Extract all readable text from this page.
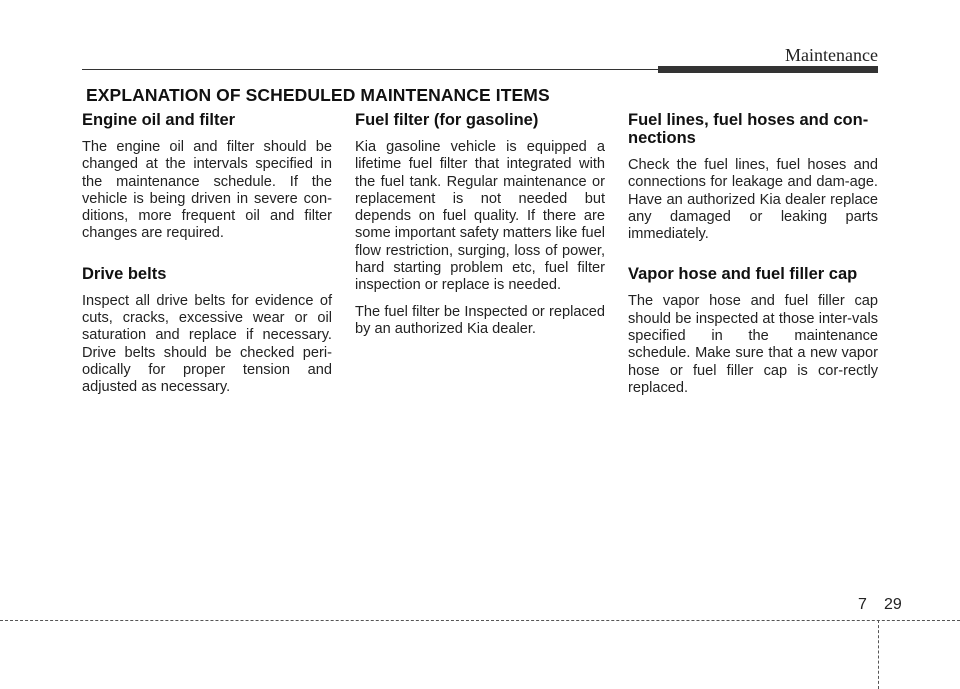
Maintenance
EXPLANATION OF SCHEDULED MAINTENANCE ITEMS
Engine oil and filter

The engine oil and filter should be changed at the intervals specified in the maintenance schedule. If the vehicle is being driven in severe con-ditions, more frequent oil and filter changes are required.

Drive belts

Inspect all drive belts for evidence of cuts, cracks, excessive wear or oil saturation and replace if necessary. Drive belts should be checked peri-odically for proper tension and adjusted as necessary.

Fuel filter (for gasoline)

Kia gasoline vehicle is equipped a lifetime fuel filter that integrated with the fuel tank. Regular maintenance or replacement is not needed but depends on fuel quality. If there are some important safety matters like fuel flow restriction, surging, loss of power, hard starting problem etc, fuel filter inspection or replace is needed.

The fuel filter be Inspected or replaced by an authorized Kia dealer.

Fuel lines, fuel hoses and con-nections

Check the fuel lines, fuel hoses and connections for leakage and dam-age. Have an authorized Kia dealer replace any damaged or leaking parts immediately.

Vapor hose and fuel filler cap

The vapor hose and fuel filler cap should be inspected at those inter-vals specified in the maintenance schedule. Make sure that a new vapor hose or fuel filler cap is cor-rectly replaced.

7 29
